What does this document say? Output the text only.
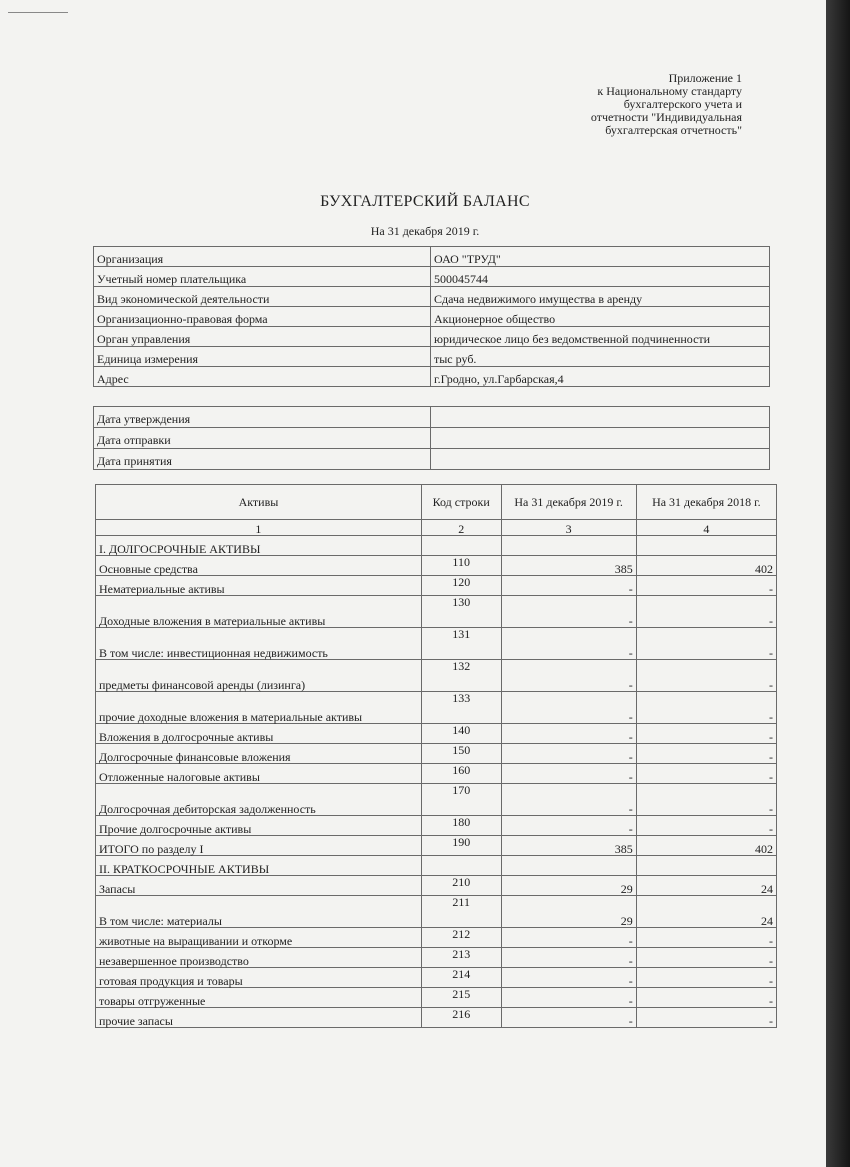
Приложение 1
к Национальному стандарту
бухгалтерского учета и
отчетности "Индивидуальная
бухгалтерская отчетность"
БУХГАЛТЕРСКИЙ БАЛАНС
На 31 декабря 2019 г.
Организация	ОАО "ТРУД"
Учетный номер плательщика	500045744
Вид экономической деятельности	Сдача недвижимого имущества в аренду
Организационно-правовая форма	Акционерное общество
Орган управления	юридическое лицо без ведомственной подчиненности
Единица измерения	тыс руб.
Адрес	г.Гродно, ул.Гарбарская,4
Дата утверждения	
Дата отправки	
Дата принятия	
Активы	Код строки	На 31 декабря 2019 г.	На 31 декабря 2018 г.
1	2	3	4
I. ДОЛГОСРОЧНЫЕ АКТИВЫ			
Основные средства	110	385	402
Нематериальные активы	120	-	-
Доходные вложения в материальные активы	130	-	-
В том числе: инвестиционная недвижимость	131	-	-
предметы финансовой аренды (лизинга)	132	-	-
прочие доходные вложения в материальные активы	133	-	-
Вложения в долгосрочные активы	140	-	-
Долгосрочные финансовые вложения	150	-	-
Отложенные налоговые активы	160	-	-
Долгосрочная дебиторская задолженность	170	-	-
Прочие долгосрочные активы	180	-	-
ИТОГО по разделу I	190	385	402
II. КРАТКОСРОЧНЫЕ АКТИВЫ			
Запасы	210	29	24
В том числе: материалы	211	29	24
животные на выращивании и откорме	212	-	-
незавершенное производство	213	-	-
готовая продукция и товары	214	-	-
товары отгруженные	215	-	-
прочие запасы	216	-	-
